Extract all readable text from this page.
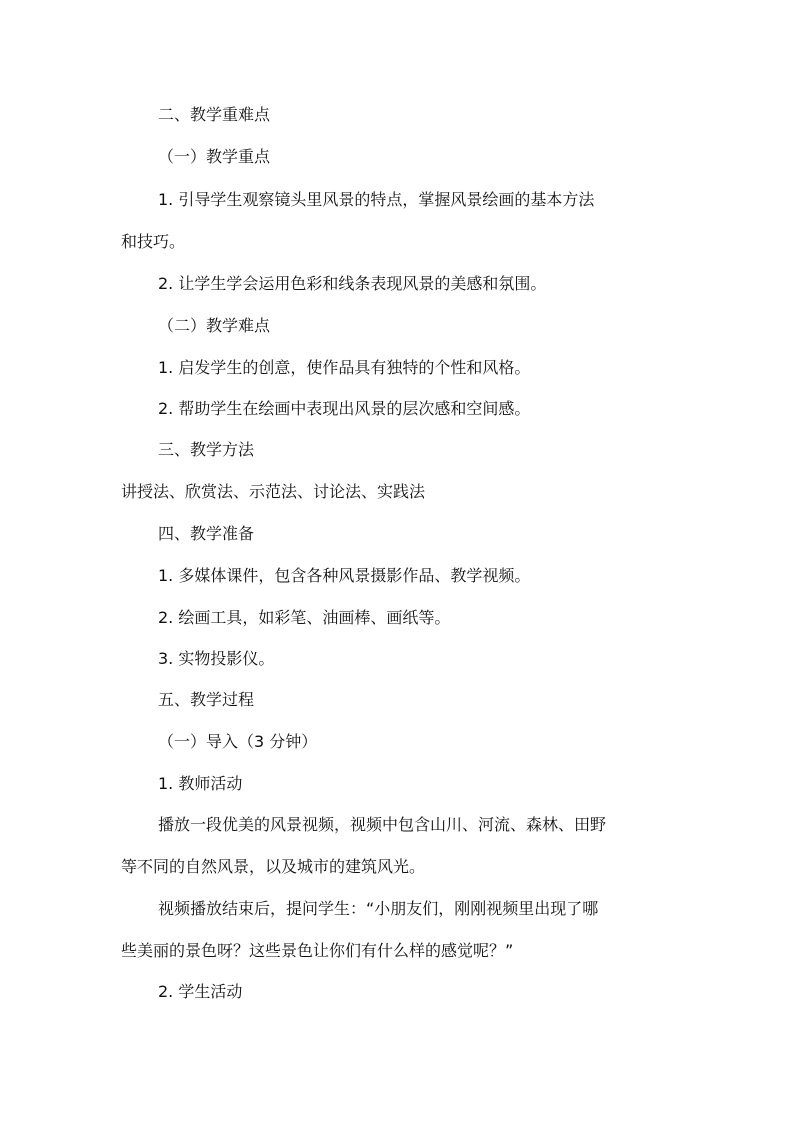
二、教学重难点
（一）教学重点
1. 引导学生观察镜头里风景的特点，掌握风景绘画的基本方法
和技巧。
2. 让学生学会运用色彩和线条表现风景的美感和氛围。
（二）教学难点
1. 启发学生的创意，使作品具有独特的个性和风格。
2. 帮助学生在绘画中表现出风景的层次感和空间感。
三、教学方法
讲授法、欣赏法、示范法、讨论法、实践法
四、教学准备
1. 多媒体课件，包含各种风景摄影作品、教学视频。
2. 绘画工具，如彩笔、油画棒、画纸等。
3. 实物投影仪。
五、教学过程
（一）导入（3 分钟）
1. 教师活动
播放一段优美的风景视频，视频中包含山川、河流、森林、田野
等不同的自然风景，以及城市的建筑风光。
视频播放结束后，提问学生：“小朋友们，刚刚视频里出现了哪
些美丽的景色呀？这些景色让你们有什么样的感觉呢？”
2. 学生活动
